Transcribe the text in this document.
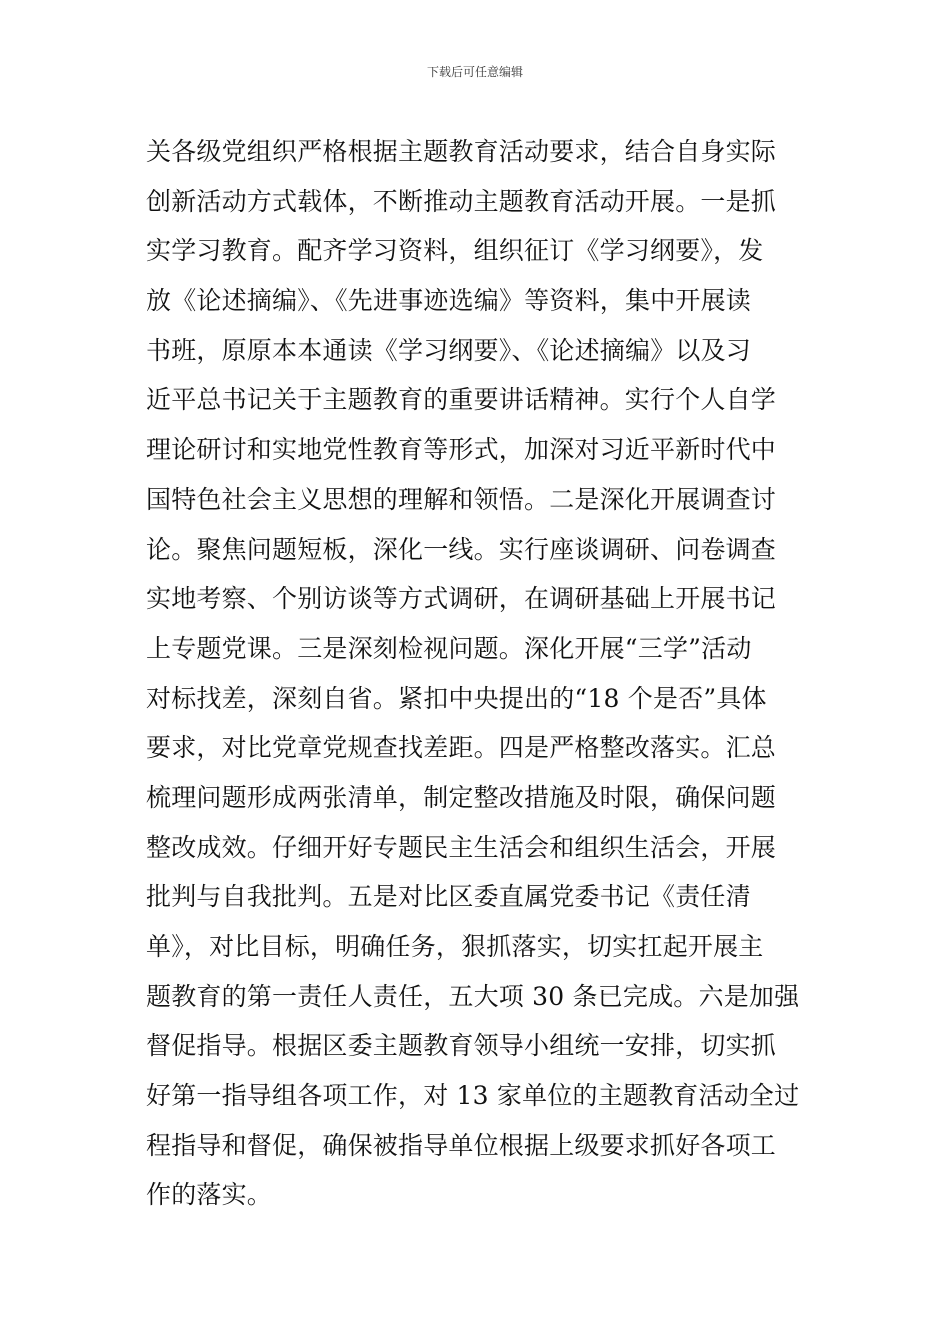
下载后可任意编辑
关各级党组织严格根据主题教育活动要求，结合自身实际
创新活动方式载体，不断推动主题教育活动开展。一是抓
实学习教育。配齐学习资料，组织征订《学习纲要》，发
放《论述摘编》、《先进事迹选编》等资料，集中开展读
书班，原原本本通读《学习纲要》、《论述摘编》以及习
近平总书记关于主题教育的重要讲话精神。实行个人自学
理论研讨和实地党性教育等形式，加深对习近平新时代中
国特色社会主义思想的理解和领悟。二是深化开展调查讨
论。聚焦问题短板，深化一线。实行座谈调研、问卷调查
实地考察、个别访谈等方式调研，在调研基础上开展书记
上专题党课。三是深刻检视问题。深化开展“三学”活动
对标找差，深刻自省。紧扣中央提出的“18 个是否”具体
要求，对比党章党规查找差距。四是严格整改落实。汇总
梳理问题形成两张清单，制定整改措施及时限，确保问题
整改成效。仔细开好专题民主生活会和组织生活会，开展
批判与自我批判。五是对比区委直属党委书记《责任清
单》，对比目标，明确任务，狠抓落实，切实扛起开展主
题教育的第一责任人责任，五大项 30 条已完成。六是加强
督促指导。根据区委主题教育领导小组统一安排，切实抓
好第一指导组各项工作，对 13 家单位的主题教育活动全过
程指导和督促，确保被指导单位根据上级要求抓好各项工
作的落实。
